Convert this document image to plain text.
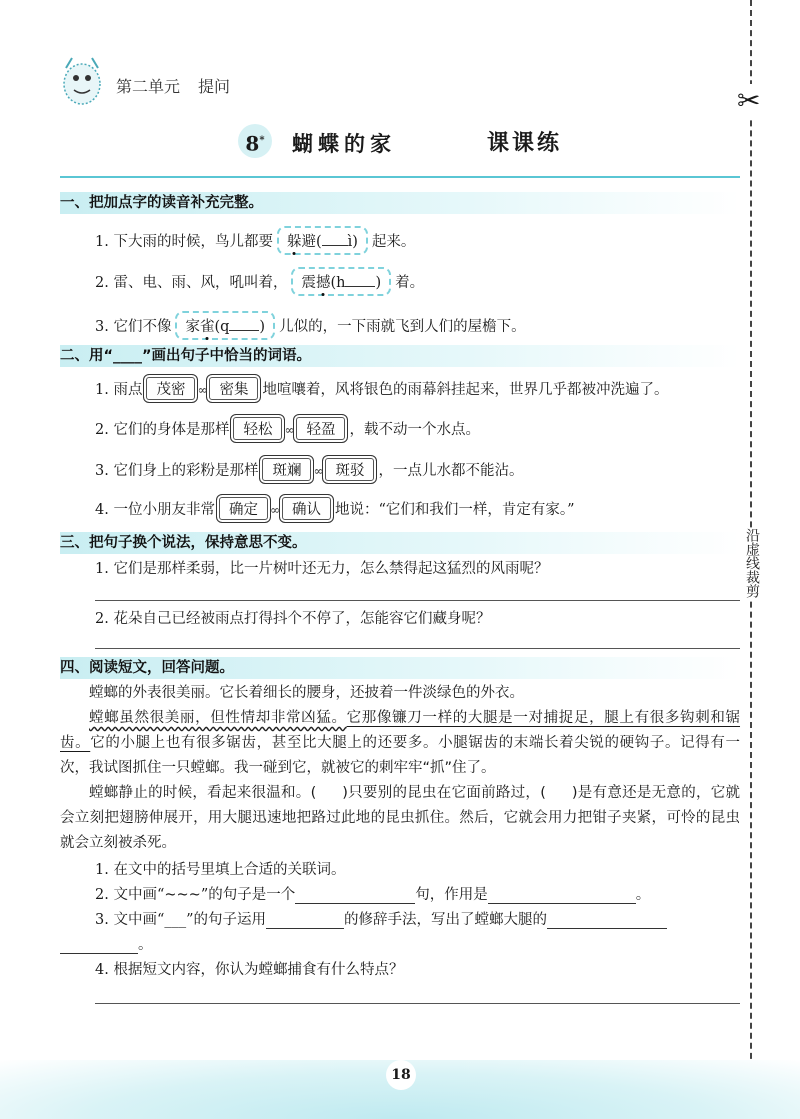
第二单元 提问
8*	蝴蝶的家	课课练
✂
沿虚线裁剪
一、把加点字的读音补充完整。
1. 下大雨的时候，鸟儿都要 躲避( ì) 起来。
2. 雷、电、雨、风，吼叫着， 震撼(h ) 着。
3. 它们不像 家雀(q ) 儿似的，一下雨就飞到人们的屋檐下。
二、用“____”画出句子中恰当的词语。
1. 雨点 茂密 ∞ 密集 地喧嚷着，风将银色的雨幕斜挂起来，世界几乎都被冲洗遍了。
2. 它们的身体是那样 轻松 ∞ 轻盈 ，载不动一个水点。
3. 它们身上的彩粉是那样 斑斓 ∞ 斑驳 ，一点儿水都不能沾。
4. 一位小朋友非常 确定 ∞ 确认 地说：“它们和我们一样，肯定有家。”
三、把句子换个说法，保持意思不变。
1. 它们是那样柔弱，比一片树叶还无力，怎么禁得起这猛烈的风雨呢？
2. 花朵自己已经被雨点打得抖个不停了，怎能容它们藏身呢？
四、阅读短文，回答问题。

螳螂的外表很美丽。它长着细长的腰身，还披着一件淡绿色的外衣。

螳螂虽然很美丽，但性情却非常凶猛。它那像镰刀一样的大腿是一对捕捉足，腿上有很多钩刺和锯齿。它的小腿上也有很多锯齿，甚至比大腿上的还要多。小腿锯齿的末端长着尖锐的硬钩子。记得有一次，我试图抓住一只螳螂。我一碰到它，就被它的刺牢牢“抓”住了。

螳螂静止的时候，看起来很温和。( )只要别的昆虫在它面前路过，( )是有意还是无意的，它就会立刻把翅膀伸展开，用大腿迅速地把路过此地的昆虫抓住。然后，它就会用力把钳子夹紧，可怜的昆虫就会立刻被杀死。

1. 在文中的括号里填上合适的关联词。
2. 文中画“~~~”的句子是一个	句，作用是	。
3. 文中画“___”的句子运用	的修辞手法，写出了螳螂大腿的
。
4. 根据短文内容，你认为螳螂捕食有什么特点？
18
